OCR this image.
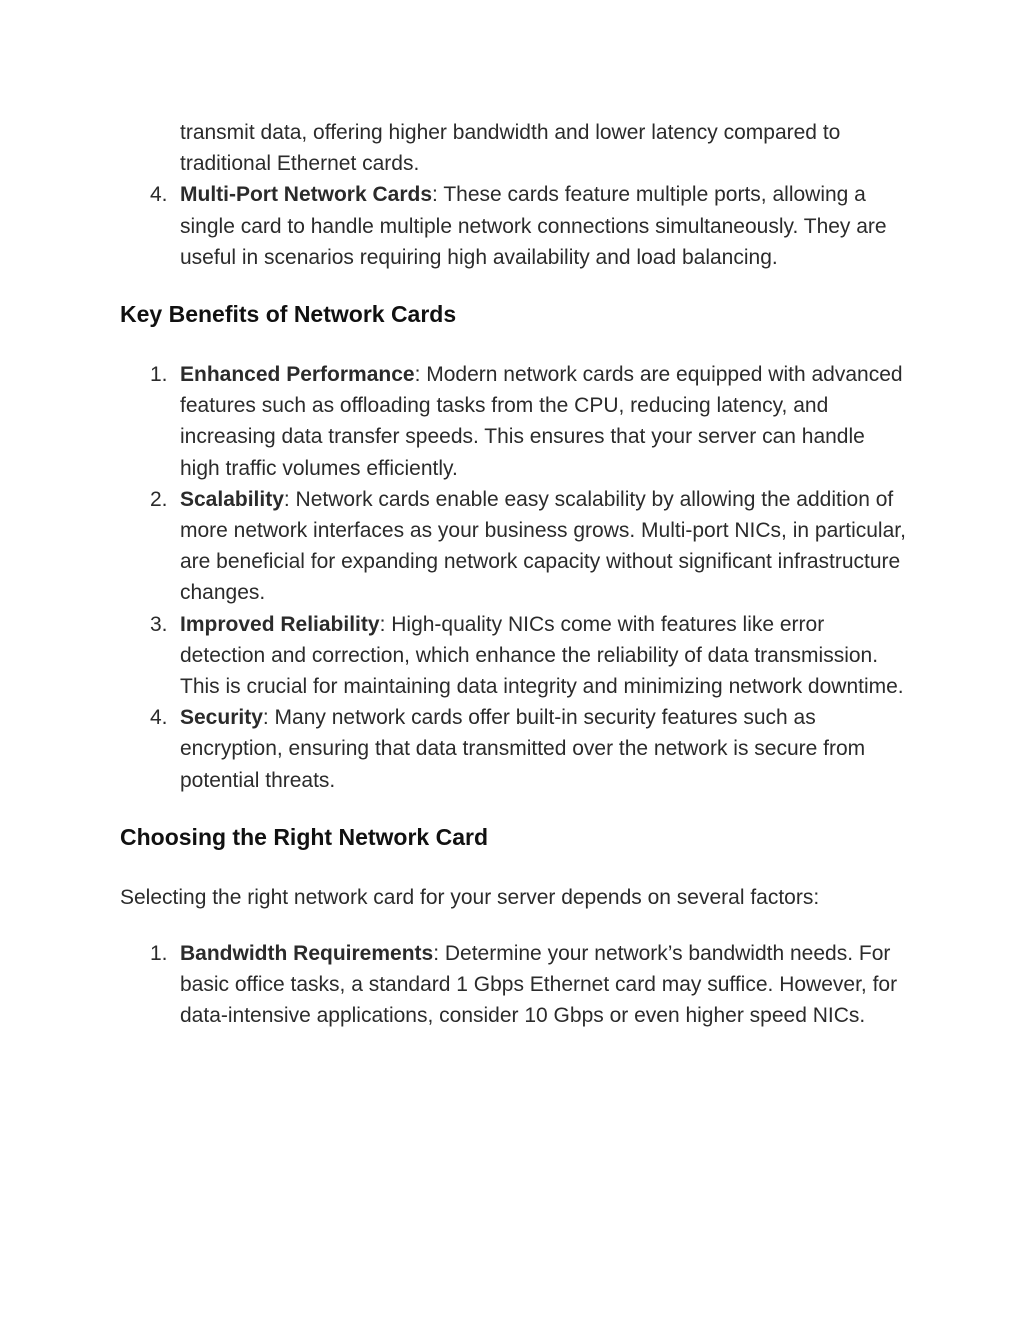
transmit data, offering higher bandwidth and lower latency compared to traditional Ethernet cards.

4. Multi-Port Network Cards: These cards feature multiple ports, allowing a single card to handle multiple network connections simultaneously. They are useful in scenarios requiring high availability and load balancing.
Key Benefits of Network Cards
1. Enhanced Performance: Modern network cards are equipped with advanced features such as offloading tasks from the CPU, reducing latency, and increasing data transfer speeds. This ensures that your server can handle high traffic volumes efficiently.
2. Scalability: Network cards enable easy scalability by allowing the addition of more network interfaces as your business grows. Multi-port NICs, in particular, are beneficial for expanding network capacity without significant infrastructure changes.
3. Improved Reliability: High-quality NICs come with features like error detection and correction, which enhance the reliability of data transmission. This is crucial for maintaining data integrity and minimizing network downtime.
4. Security: Many network cards offer built-in security features such as encryption, ensuring that data transmitted over the network is secure from potential threats.
Choosing the Right Network Card

Selecting the right network card for your server depends on several factors:

1. Bandwidth Requirements: Determine your network’s bandwidth needs. For basic office tasks, a standard 1 Gbps Ethernet card may suffice. However, for data-intensive applications, consider 10 Gbps or even higher speed NICs.
